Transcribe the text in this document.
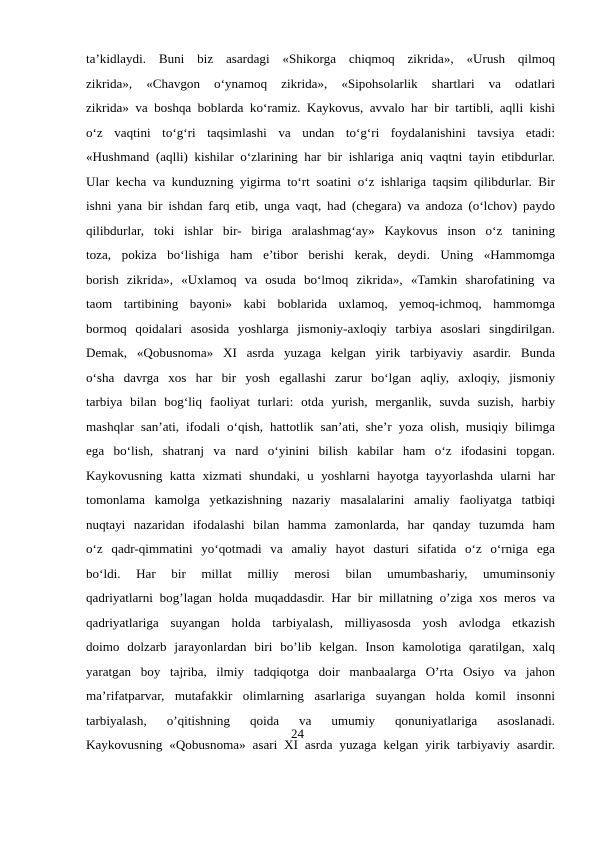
ta’kidlaydi. Buni biz asardagi «Shikorga chiqmoq zikrida», «Urush qilmoq
zikrida», «Chavgon o‘ynamoq zikrida», «Sipohsolarlik shartlari va odatlari
zikrida» va boshqa boblarda ko‘ramiz. Kaykovus, avvalo har bir tartibli, aqlli kishi
o‘z vaqtini to‘g‘ri taqsimlashi va undan to‘g‘ri foydalanishini tavsiya etadi:
«Hushmand (aqlli) kishilar o‘zlarining har bir ishlariga aniq vaqtni tayin etibdurlar.
Ular kecha va kunduzning yigirma to‘rt soatini o‘z ishlariga taqsim qilibdurlar. Bir
ishni yana bir ishdan farq etib, unga vaqt, had (chegara) va andoza (o‘lchov) paydo
qilibdurlar, toki ishlar bir- biriga aralashmag‘ay» Kaykovus inson o‘z tanining
toza, pokiza bo‘lishiga ham e’tibor berishi kerak, deydi. Uning «Hammomga
borish zikrida», «Uxlamoq va osuda bo‘lmoq zikrida», «Tamkin sharofatining va
taom tartibining bayoni» kabi boblarida uxlamoq, yemoq-ichmoq, hammomga
bormoq qoidalari asosida yoshlarga jismoniy-axloqiy tarbiya asoslari singdirilgan.
Demak, «Qobusnoma» XI asrda yuzaga kelgan yirik tarbiyaviy asardir. Bunda
o‘sha davrga xos har bir yosh egallashi zarur bo‘lgan aqliy, axloqiy, jismoniy
tarbiya bilan bog‘liq faoliyat turlari: otda yurish, merganlik, suvda suzish, harbiy
mashqlar san’ati, ifodali o‘qish, hattotlik san’ati, she’r yoza olish, musiqiy bilimga
ega bo‘lish, shatranj va nard o‘yinini bilish kabilar ham o‘z ifodasini topgan.
Kaykovusning katta xizmati shundaki, u yoshlarni hayotga tayyorlashda ularni har
tomonlama kamolga yetkazishning nazariy masalalarini amaliy faoliyatga tatbiqi
nuqtayi nazaridan ifodalashi bilan hamma zamonlarda, har qanday tuzumda ham
o‘z qadr-qimmatini yo‘qotmadi va amaliy hayot dasturi sifatida o‘z o‘rniga ega
bo‘ldi. Har bir millat milliy merosi bilan umumbashariy, umuminsoniy
qadriyatlarni bog’lagan holda muqaddasdir. Har bir millatning o’ziga xos meros va
qadriyatlariga suyangan holda tarbiyalash, milliyasosda yosh avlodga etkazish
doimo dolzarb jarayonlardan biri bo’lib kelgan. Inson kamolotiga qaratilgan, xalq
yaratgan boy tajriba, ilmiy tadqiqotga doir manbaalarga O’rta Osiyo va jahon
ma’rifatparvar, mutafakkir olimlarning asarlariga suyangan holda komil insonni
tarbiyalash, o’qitishning qoida va umumiy qonuniyatlariga asoslanadi.
Kaykovusning «Qobusnoma» asari XI asrda yuzaga kelgan yirik tarbiyaviy asardir.
24
